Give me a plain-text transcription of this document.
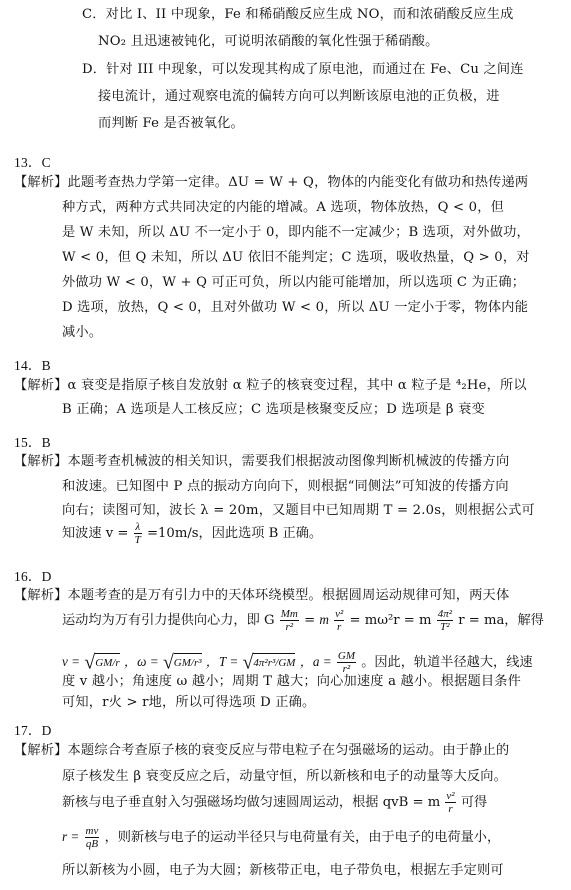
C．对比 I、II 中现象，Fe 和稀硝酸反应生成 NO，而和浓硝酸反应生成
NO₂ 且迅速被钝化，可说明浓硝酸的氧化性强于稀硝酸。
D．针对 III 中现象，可以发现其构成了原电池，而通过在 Fe、Cu 之间连
接电流计，通过观察电流的偏转方向可以判断该原电池的正负极，进
而判断 Fe 是否被氧化。
13．C
【解析】此题考查热力学第一定律。ΔU = W + Q，物体的内能变化有做功和热传递两
种方式，两种方式共同决定的内能的增减。A 选项，物体放热，Q < 0，但
是 W 未知，所以 ΔU 不一定小于 0，即内能不一定减少；B 选项，对外做功，
W < 0，但 Q 未知，所以 ΔU 依旧不能判定；C 选项，吸收热量，Q > 0，对
外做功 W < 0，W + Q 可正可负，所以内能可能增加，所以选项 C 为正确；
D 选项，放热，Q < 0，且对外做功 W < 0，所以 ΔU 一定小于零，物体内能
减小。
14．B
【解析】α 衰变是指原子核自发放射 α 粒子的核衰变过程，其中 α 粒子是 ⁴₂He，所以
B 正确；A 选项是人工核反应；C 选项是核聚变反应；D 选项是 β 衰变
15．B
【解析】本题考查机械波的相关知识，需要我们根据波动图像判断机械波的传播方向
和波速。已知图中 P 点的振动方向向下，则根据“同侧法”可知波的传播方向
向右；读图可知，波长 λ = 20m，又题目中已知周期 T = 2.0s，则根据公式可
知波速 $v = \frac{\lambda}{T} =10m/s$，因此选项 B 正确。
16．D
【解析】本题考查的是万有引力中的天体环绕模型。根据圆周运动规律可知，两天体
运动均为万有引力提供向心力，即 G $\frac{Mm}{\text{r²}} = m \frac{\text{v²}}{r} = m\omega^2r = m \frac{\text{4π²}}{\text{T²}}$ r = ma，解得
v = √GM/r ，ω = √GM/r³ ，T = √4π²r³/GM ，$a = \frac{GM}{\text{r²}}$ 。因此，轨道半径越大，线速
度 v 越小；角速度 ω 越小；周期 T 越大；向心加速度 a 越小。根据题目条件
可知，r火 > r地，所以可得选项 D 正确。
17．D
【解析】本题综合考查原子核的衰变反应与带电粒子在匀强磁场的运动。由于静止的
原子核发生 β 衰变反应之后，动量守恒，所以新核和电子的动量等大反向。
新核与电子垂直射入匀强磁场均做匀速圆周运动，根据 qvB = m $\frac{\text{v²}}{r}$ 可得
$r = \frac{mv}{qB}$ ，则新核与电子的运动半径只与电荷量有关，由于电子的电荷量小，
所以新核为小圆，电子为大圆；新核带正电，电子带负电，根据左手定则可
